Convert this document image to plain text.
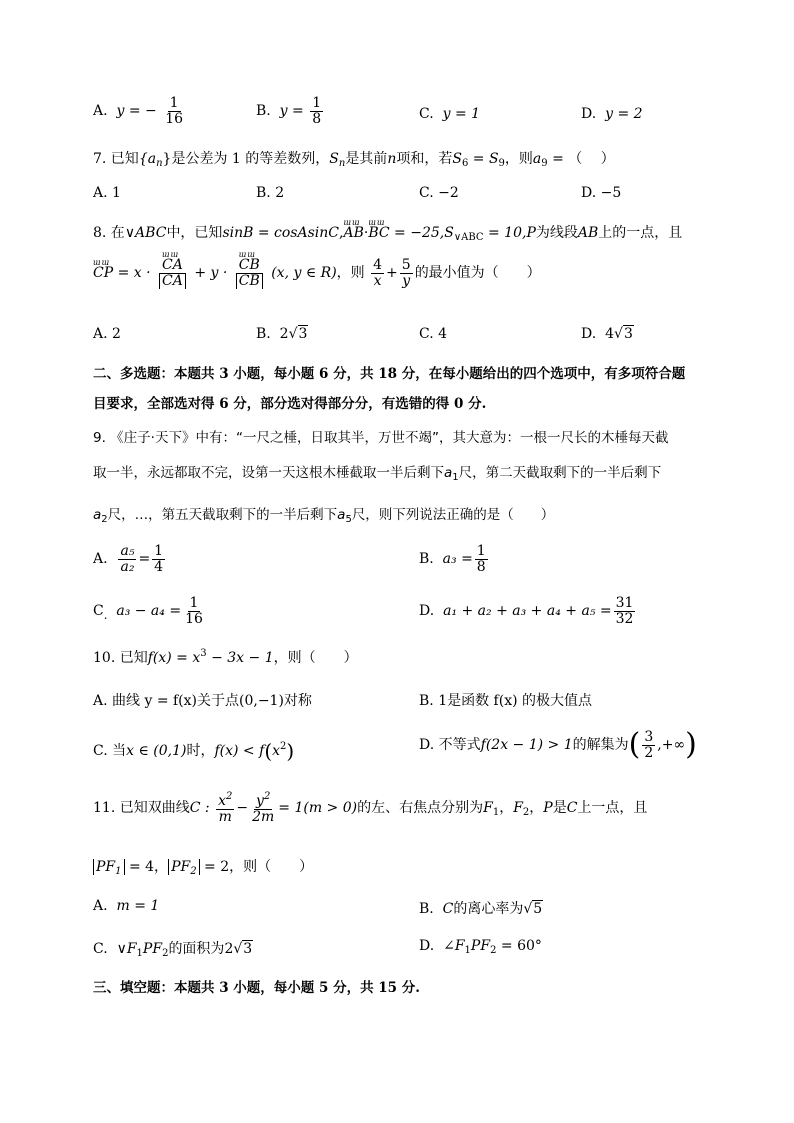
A. y = − $\frac{1}{16}$	B. $y = \frac{1}{8}$	C. y = 1	D. y = 2
7. 已知$\{a_n\}$是公差为 1 的等差数列，$S_n$是其前n项和，若$S_6 = S_9$，则$a_9$ = （　 ）
A. 1	B. 2	C. −2	D. −5
8. 在∨ABC中，已知sinB = cosAsinC,
ɯɯ
AB·
ɯɯ
BC = $-25,S_{\vee ABC} = 10,P$为线段AB上的一点，且
ɯɯ
CP = x · ɯɯ
CA
CA + y · ɯɯ
CB
CB (x, y ∈ R)，则 $\frac{4}{x} + \frac{5}{y}$ 的最小值为（　　）
A. 2	B. 2√3	C. 4	D. 4√3
二、多选题：本题共 3 小题，每小题 6 分，共 18 分，在每小题给出的四个选项中，有多项符合题
目要求，全部选对得 6 分，部分选对得部分分，有选错的得 0 分.
9. 《庄子·天下》中有：“一尺之棰，日取其半，万世不竭”，其大意为：一根一尺长的木棰每天截
取一半，永远都取不完，设第一天这根木棰截取一半后剩下$a_1$尺，第二天截取剩下的一半后剩下
$a_2$尺，…，第五天截取剩下的一半后剩下$a_5$尺，则下列说法正确的是（　　）
A. $\frac{\text{a₅}}{\text{a₂}} = \frac{1}{4}$	B. $a_3 = \frac{1}{8}$
$C_.$ $a_3 - a_4 = \frac{1}{16}$	D. $a_1 + a_2 + a_3 + a_4 + a_5 = \frac{31}{32}$
10. 已知$f(x) = x^3 - 3x - 1$，则（　　）
A. 曲线 y = f(x)关于点(0,−1)对称	B. 1是函数 f(x) 的极大值点
C. 当x ∈ (0,1)时，$f(x) < f(x^2)$	D. 不等式f(2x − 1) > 1的解集为( $\frac{3}{2}$ ,+∞)
11. 已知双曲线C : $\frac{x^2}{m} - \frac{y^2}{2m} = 1(m > 0)$的左、右焦点分别为$F_1$，$F_2$，P是C上一点，且
$PF_1 = 4$， $PF_2 = 2$，则（　　）
A. m = 1	B. C的离心率为√5
C. $\vee F_1PF_2$的面积为2√3	D. $\angle F_1PF_2 = 60^\circ$
三、填空题：本题共 3 小题，每小题 5 分，共 15 分.
